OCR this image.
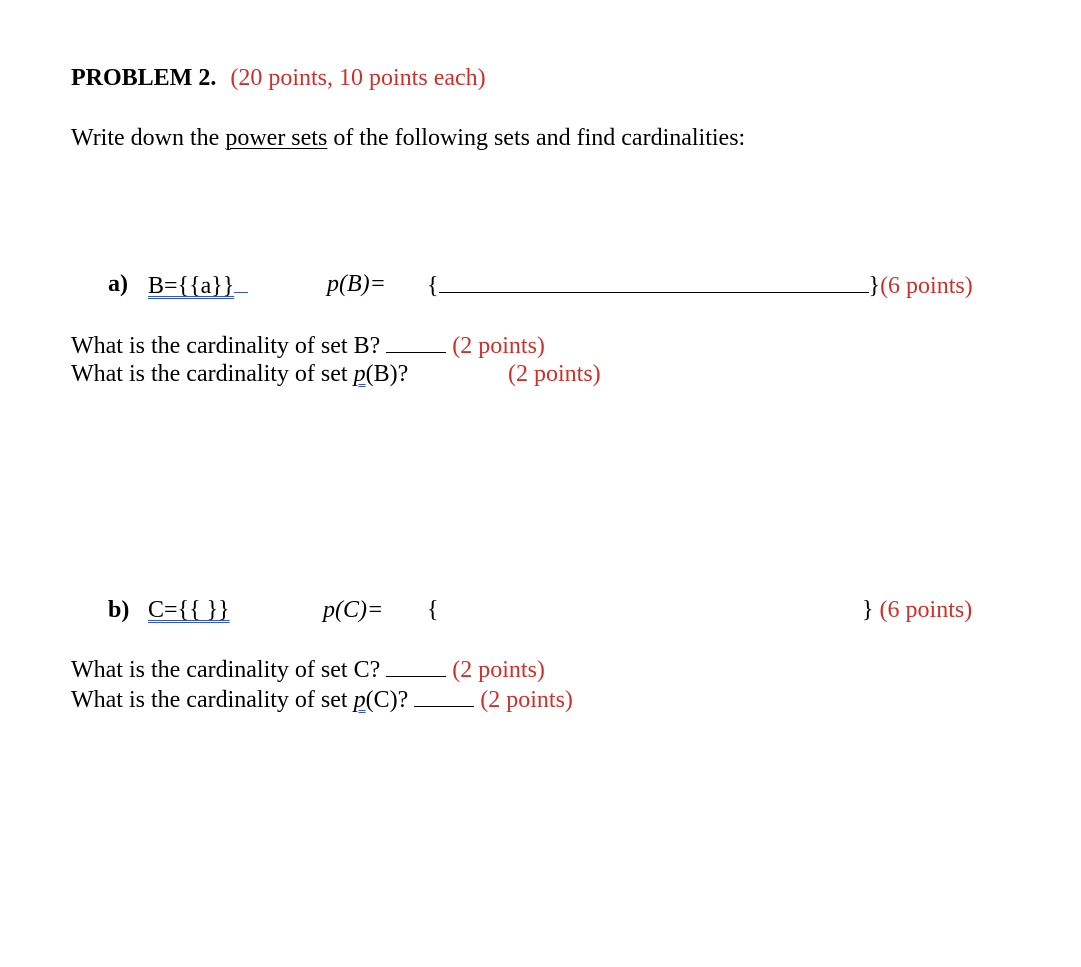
PROBLEM 2. (20 points, 10 points each)
Write down the power sets of the following sets and find cardinalities:
a) B={{a}}	p(B)= {	}(6 points)
What is the cardinality of set B?	(2 points)
What is the cardinality of set p(B)?	(2 points)
b) C={{ }}	p(C)= {	} (6 points)
What is the cardinality of set C?	(2 points)
What is the cardinality of set p(C)?	(2 points)
